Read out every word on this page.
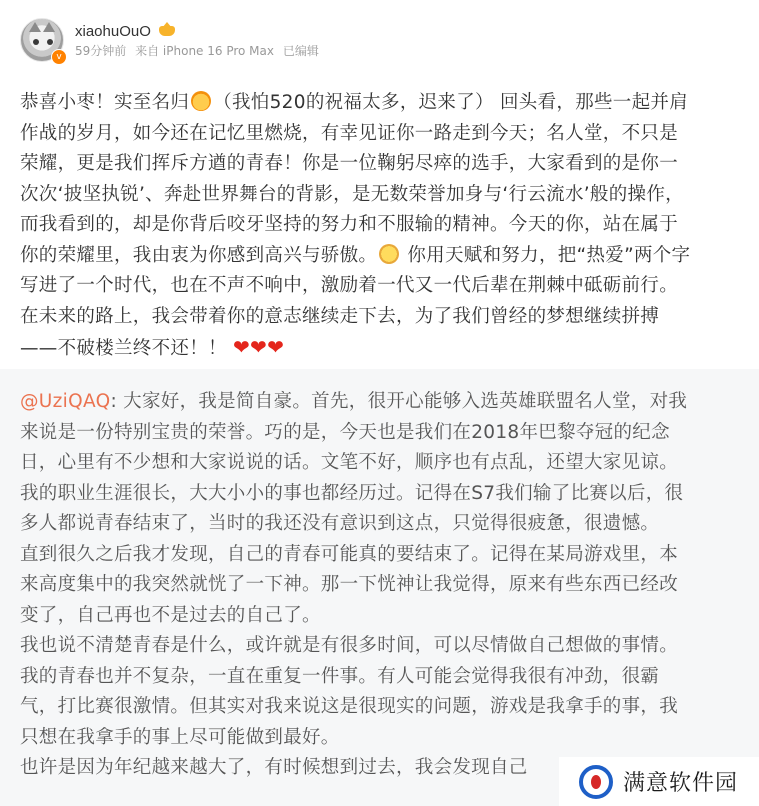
v
xiaohuOuO
59分钟前 来自 iPhone 16 Pro Max 已编辑
恭喜小枣！实至名归 （我怕520的祝福太多，迟来了） 回头看，那些一起并肩
作战的岁月，如今还在记忆里燃烧，有幸见证你一路走到今天；名人堂，不只是
荣耀，更是我们挥斥方遒的青春！你是一位鞠躬尽瘁的选手，大家看到的是你一
次次‘披坚执锐’、奔赴世界舞台的背影，是无数荣誉加身与‘行云流水’般的操作，
而我看到的，却是你背后咬牙坚持的努力和不服输的精神。今天的你，站在属于
你的荣耀里，我由衷为你感到高兴与骄傲。 你用天赋和努力，把“热爱”两个字
写进了一个时代，也在不声不响中，激励着一代又一代后辈在荆棘中砥砺前行。
在未来的路上，我会带着你的意志继续走下去，为了我们曾经的梦想继续拼搏
——不破楼兰终不还！！ ❤❤❤
@UziQAQ: 大家好，我是简自豪。首先，很开心能够入选英雄联盟名人堂，对我
来说是一份特别宝贵的荣誉。巧的是，今天也是我们在2018年巴黎夺冠的纪念
日，心里有不少想和大家说说的话。文笔不好，顺序也有点乱，还望大家见谅。
我的职业生涯很长，大大小小的事也都经历过。记得在S7我们输了比赛以后，很
多人都说青春结束了，当时的我还没有意识到这点，只觉得很疲惫，很遗憾。
直到很久之后我才发现，自己的青春可能真的要结束了。记得在某局游戏里，本
来高度集中的我突然就恍了一下神。那一下恍神让我觉得，原来有些东西已经改
变了，自己再也不是过去的自己了。
我也说不清楚青春是什么，或许就是有很多时间，可以尽情做自己想做的事情。
我的青春也并不复杂，一直在重复一件事。有人可能会觉得我很有冲劲，很霸
气，打比赛很激情。但其实对我来说这是很现实的问题，游戏是我拿手的事，我
只想在我拿手的事上尽可能做到最好。
也许是因为年纪越来越大了，有时候想到过去，我会发现自己
满意软件园
